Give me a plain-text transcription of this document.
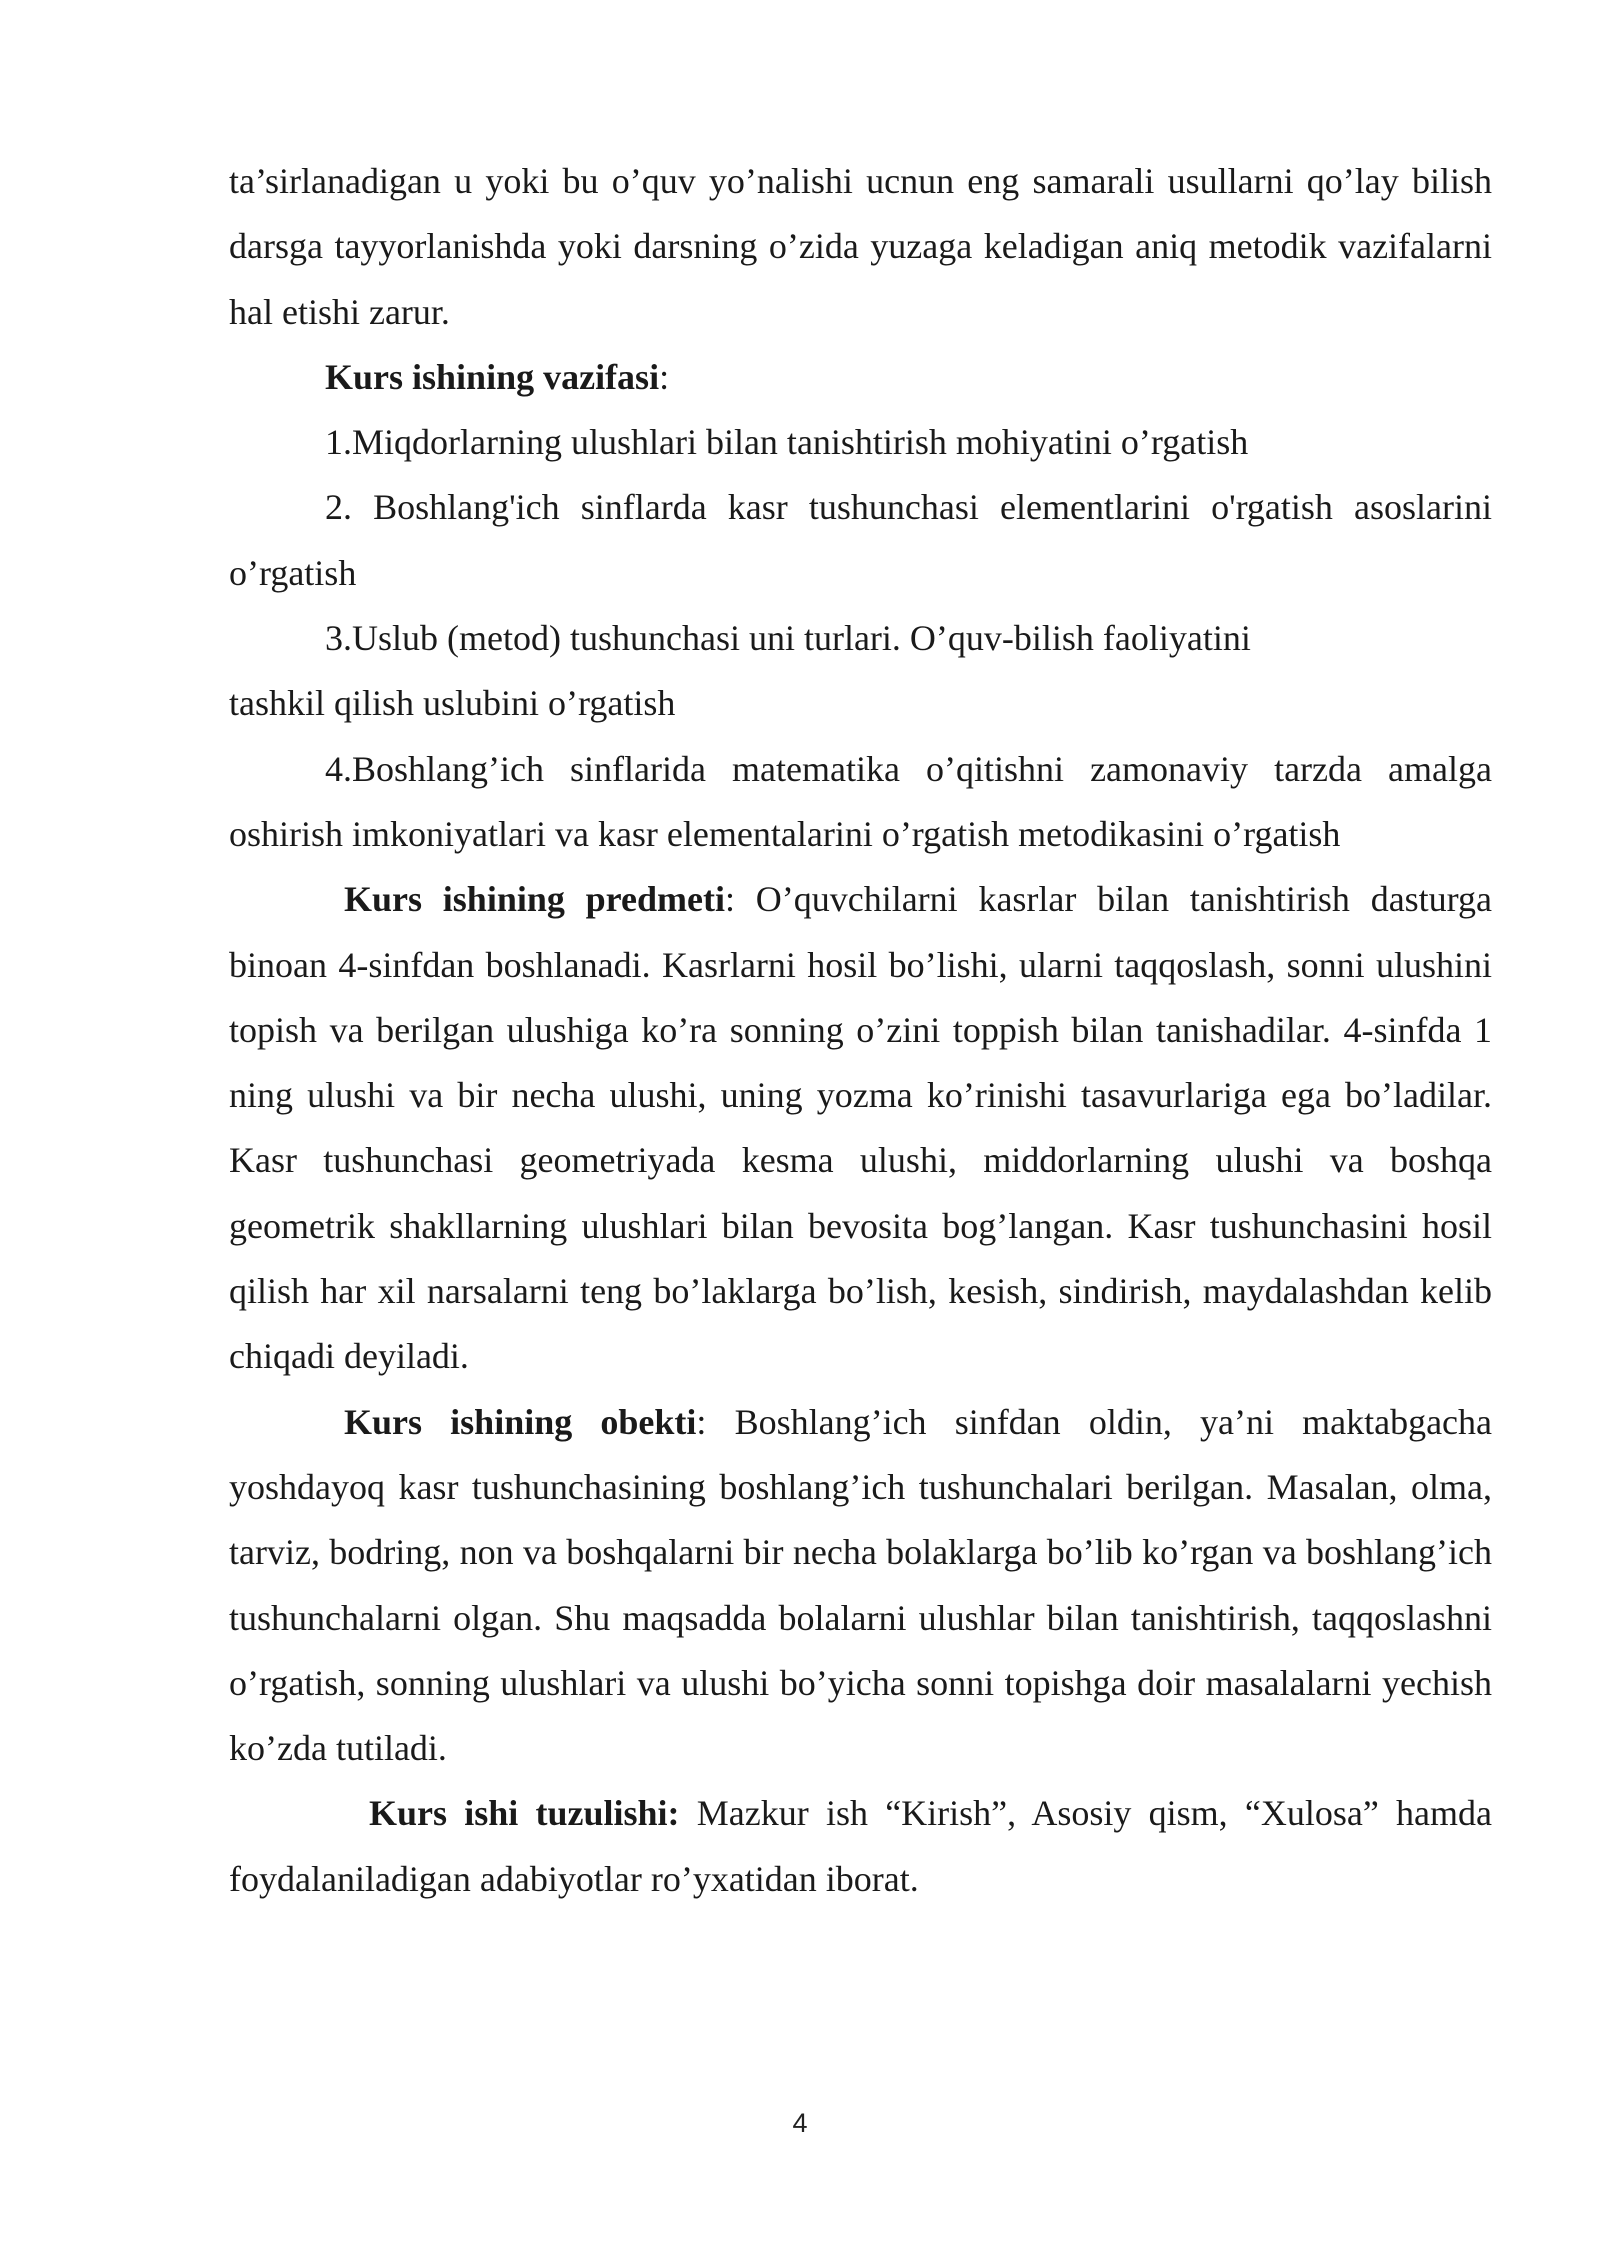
ta’sirlanadigan u yoki bu o’quv yo’nalishi ucnun eng samarali usullarni qo’lay bilish darsga tayyorlanishda yoki darsning o’zida yuzaga keladigan aniq metodik vazifalarni hal etishi zarur.

Kurs ishining vazifasi:

1.Miqdorlarning ulushlari bilan tanishtirish mohiyatini o’rgatish

2. Boshlang'ich sinflarda kasr tushunchasi elementlarini o'rgatish asoslarini o’rgatish

3.Uslub (metod) tushunchasi uni turlari. O’quv-bilish faoliyatini

tashkil qilish uslubini o’rgatish

4.Boshlang’ich sinflarida matematika o’qitishni zamonaviy tarzda amalga oshirish imkoniyatlari va kasr elementalarini o’rgatish metodikasini o’rgatish

Kurs ishining predmeti: O’quvchilarni kasrlar bilan tanishtirish dasturga binoan 4-sinfdan boshlanadi. Kasrlarni hosil bo’lishi, ularni taqqoslash, sonni ulushini topish va berilgan ulushiga ko’ra sonning o’zini toppish bilan tanishadilar. 4-sinfda 1 ning ulushi va bir necha ulushi, uning yozma ko’rinishi tasavurlariga ega bo’ladilar. Kasr tushunchasi geometriyada kesma ulushi, middorlarning ulushi va boshqa geometrik shakllarning ulushlari bilan bevosita bog’langan. Kasr tushunchasini hosil qilish har xil narsalarni teng bo’laklarga bo’lish, kesish, sindirish, maydalashdan kelib chiqadi deyiladi.

Kurs ishining obekti: Boshlang’ich sinfdan oldin, ya’ni maktabgacha yoshdayoq kasr tushunchasining boshlang’ich tushunchalari berilgan. Masalan, olma, tarviz, bodring, non va boshqalarni bir necha bolaklarga bo’lib ko’rgan va boshlang’ich tushunchalarni olgan. Shu maqsadda bolalarni ulushlar bilan tanishtirish, taqqoslashni o’rgatish, sonning ulushlari va ulushi bo’yicha sonni topishga doir masalalarni yechish ko’zda tutiladi.

Kurs ishi tuzulishi: Mazkur ish “Kirish”, Asosiy qism, “Xulosa” hamda foydalaniladigan adabiyotlar ro’yxatidan iborat.

4
